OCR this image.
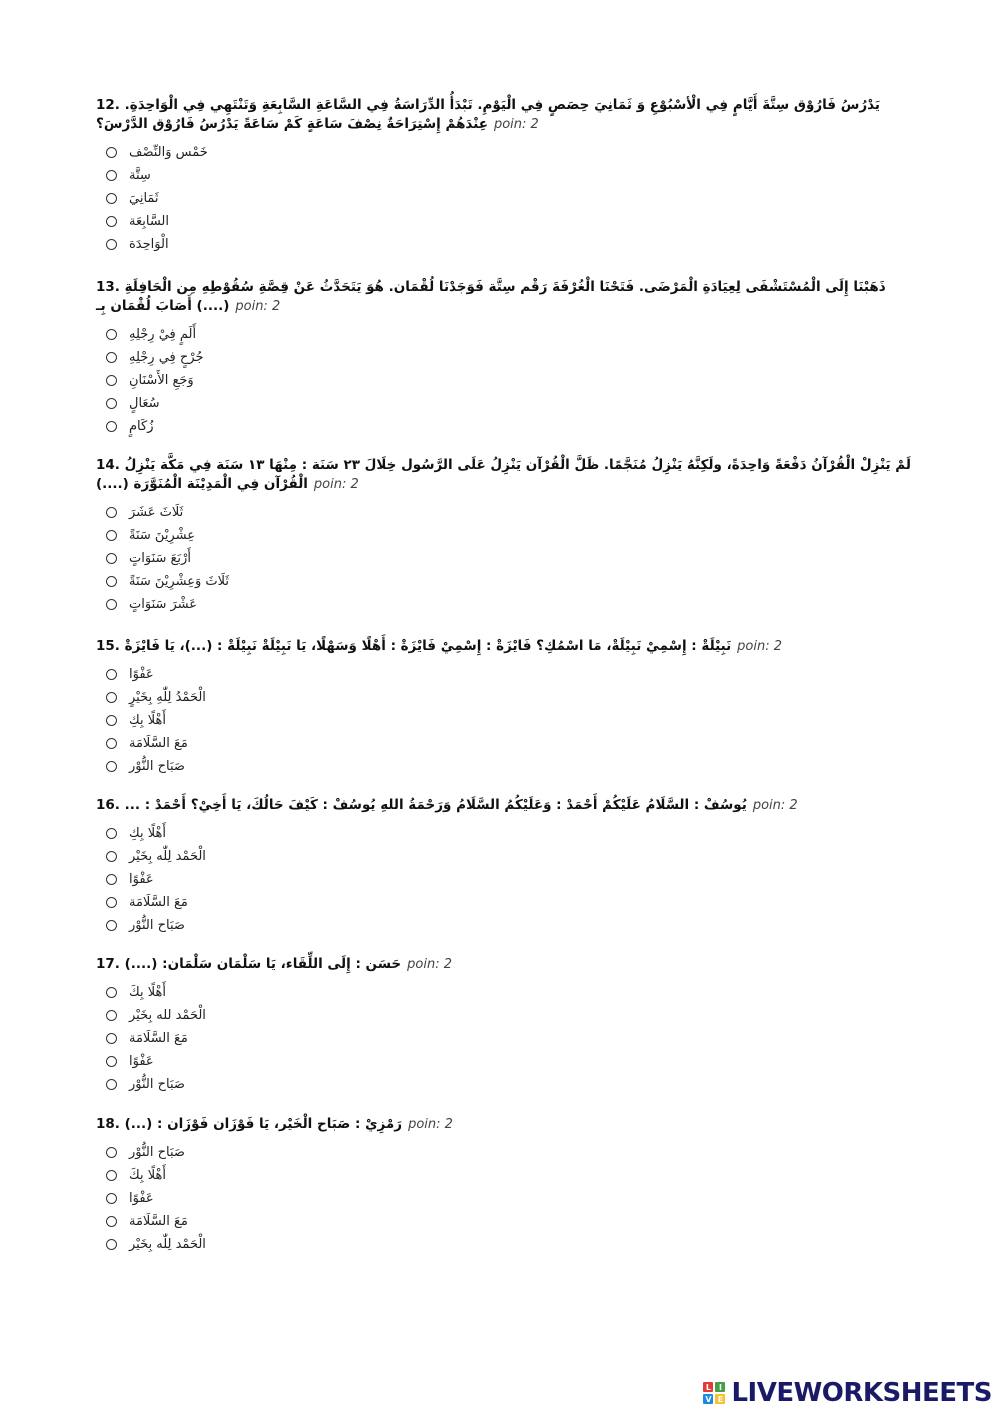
12. يَدْرُسُ فَارُوْق سِتَّةَ أَيَّامٍ فِي الْأسْبُوْعِ وَ ثَمَانِيَ حِصَصٍ فِي الْيَوْمِ. تَبْدَأُ الدِّرَاسَةُ فِي السَّاعَةِ السَّابِعَةِ وَتَنْتَهِي فِي الْوَاحِدَةِ. عِنْدَهُمْ إِسْتِرَاحَةٌ نِصْفَ سَاعَةٍ كَمْ سَاعَةً يَدْرُسُ فَارُوْق الدَّرْسَ؟ poin: 2
خَمْس وَالنِّصْف
سِتَّة
ثَمَانِيَ
السَّابِعَة
الْوَاحِدَة
13. ذَهَبْنَا إِلَى الْمُسْتَشْفَى لِعِيَادَةِ الْمَرْضَى. فَتَحْنَا الْغُرْفَةَ رَقْم سِتَّة فَوَجَدْنَا لُقْمَان. هُوَ يَتَحَدَّثُ عَنْ قِصَّةِ سُقُوْطِهِ مِن الْحَافِلَةِ (....) أَصَابَ لُقْمَان بِـ poin: 2
أَلَمٍ فِيْ رِجْلِهِ
جُرْحٍ فِي رِجْلِهِ
وَجَعِ الأَسْنَانِ
سُعَالٍ
زُكَامٍ
14. لَمْ يَنْزِلْ الْقُرْآنُ دَفْعَةً وَاحِدَةً، ولَكِنَّهُ يَنْزِلُ مُنَجَّمًا. ظَلَّ الْقُرْآن يَنْزِلُ عَلَى الرَّسُول خِلَالَ ٢٣ سَنَة : مِنْهَا ١٣ سَنَة فِي مَكَّة يَنْزِلُ الْقُرْآن فِي الْمَدِيْنَة الْمُنَوَّرَة (....) poin: 2
ثَلَاثَ عَشَرَ
عِشْرِيْنَ سَنَةً
أَرْبَعَ سَنَوَاتٍ
ثَلَاثَ وَعِشْرِيْنَ سَنَةً
عَشْرَ سَنَوَاتٍ
15. نَبِيْلَةْ : إِسْمِيْ نَبِيْلَةْ، مَا اسْمُكِ؟ فَايْزَةْ : إِسْمِيْ فَايْزَةْ : أَهْلًا وَسَهْلًا، يَا نَبِيْلَةْ نَبِيْلَةْ : (...)، يَا فَايْزَةْ poin: 2
عَفْوًا
الْحَمْدُ لِلّٰهِ بِخَيْرٍ
أَهْلًا بِكِ
مَعَ السَّلَامَة
صَبَاح النُّوْر
16. يُوسُفْ : السَّلَامُ عَلَيْكُمْ أَحْمَدْ : وَعَلَيْكُمُ السَّلَامُ وَرَحْمَةُ اللهِ يُوسُفْ : كَيْفَ حَالُكَ، يَا أَخِيْ؟ أَحْمَدْ : ... poin: 2
أَهْلًا بِكِ
الْحَمْد لِلّٰه بِخَيْر
عَفْوًا
مَعَ السَّلَامَة
صَبَاح النُّوْر
17. حَسَن : إِلَى اللِّقَاء، يَا سَلْمَان سَلْمَان: (....) poin: 2
أَهْلًا بِكَ
الْحَمْد لله بِخَيْر
مَعَ السَّلَامَة
عَفْوًا
صَبَاح النُّوْر
18. رَمْزِيْ : صَبَاح الْخَيْر، يَا فَوْزَان فَوْزَان : (...) poin: 2
صَبَاح النُّوْر
أَهْلًا بِكَ
عَفْوًا
مَعَ السَّلَامَة
الْحَمْد لِلّٰه بِخَيْر
L I
V E LIVEWORKSHEETS
